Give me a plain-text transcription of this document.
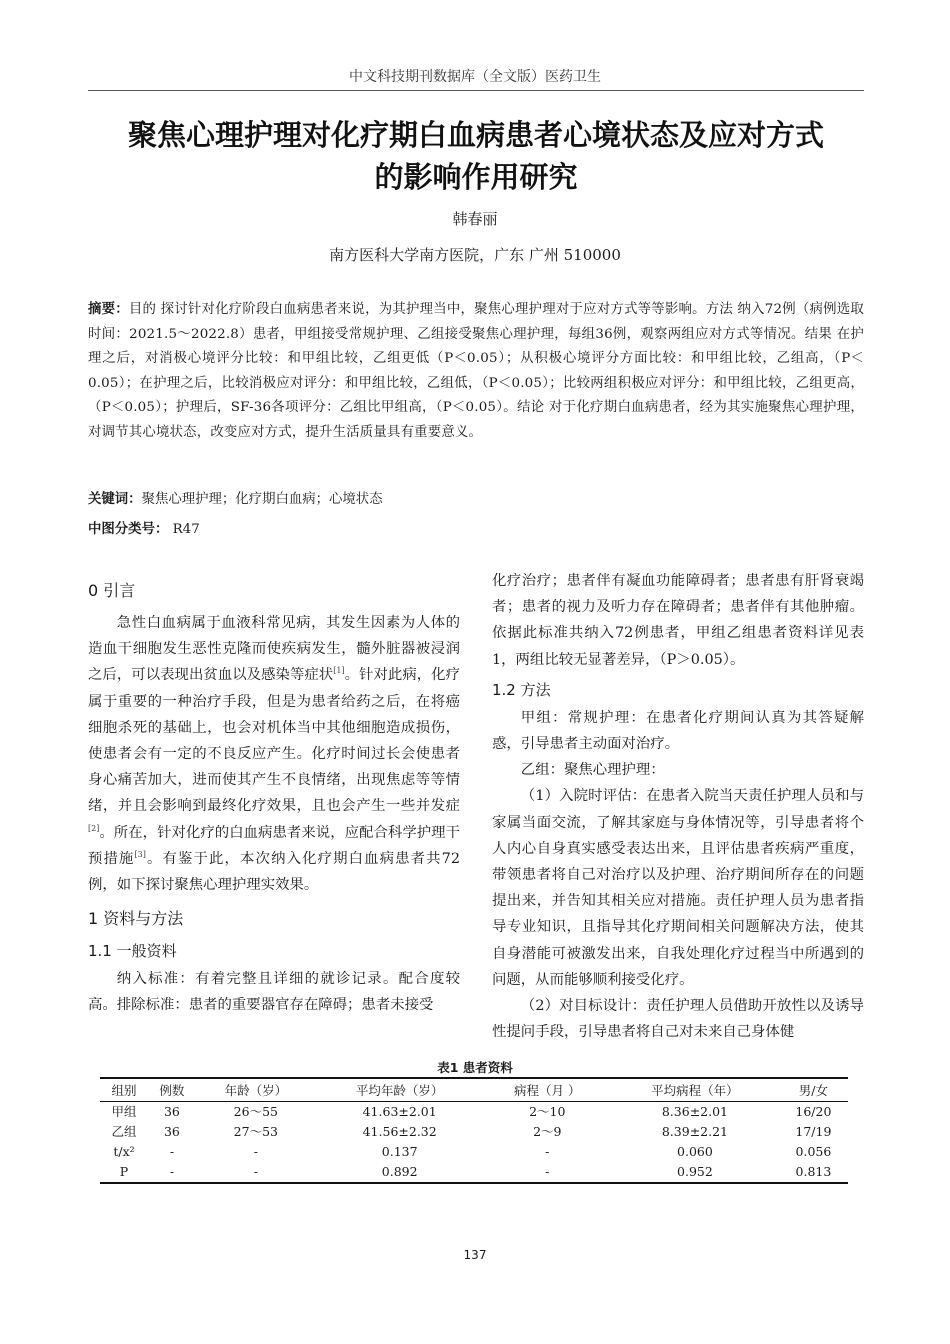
中文科技期刊数据库（全文版）医药卫生
聚焦心理护理对化疗期白血病患者心境状态及应对方式
的影响作用研究
韩春丽
南方医科大学南方医院，广东 广州 510000
摘要：目的 探讨针对化疗阶段白血病患者来说，为其护理当中，聚焦心理护理对于应对方式等等影响。方法 纳入72例（病例选取时间：2021.5～2022.8）患者，甲组接受常规护理、乙组接受聚焦心理护理，每组36例，观察两组应对方式等情况。结果 在护理之后，对消极心境评分比较：和甲组比较，乙组更低（P＜0.05）；从积极心境评分方面比较：和甲组比较，乙组高，（P＜0.05）；在护理之后，比较消极应对评分：和甲组比较，乙组低，（P＜0.05）；比较两组积极应对评分：和甲组比较，乙组更高，（P＜0.05）；护理后，SF-36各项评分：乙组比甲组高，（P＜0.05）。结论 对于化疗期白血病患者，经为其实施聚焦心理护理，对调节其心境状态，改变应对方式，提升生活质量具有重要意义。
关键词：聚焦心理护理；化疗期白血病；心境状态
中图分类号： R47

0 引言

急性白血病属于血液科常见病，其发生因素为人体的造血干细胞发生恶性克隆而使疾病发生，髓外脏器被浸润之后，可以表现出贫血以及感染等症状[1]。针对此病，化疗属于重要的一种治疗手段，但是为患者给药之后，在将癌细胞杀死的基础上，也会对机体当中其他细胞造成损伤，使患者会有一定的不良反应产生。化疗时间过长会使患者身心痛苦加大，进而使其产生不良情绪，出现焦虑等等情绪，并且会影响到最终化疗效果，且也会产生一些并发症[2]。所在，针对化疗的白血病患者来说，应配合科学护理干预措施[3]。有鉴于此，本次纳入化疗期白血病患者共72例，如下探讨聚焦心理护理实效果。

1 资料与方法

1.1 一般资料

纳入标准：有着完整且详细的就诊记录。配合度较高。排除标准：患者的重要器官存在障碍；患者未接受

化疗治疗；患者伴有凝血功能障碍者；患者患有肝肾衰竭者；患者的视力及听力存在障碍者；患者伴有其他肿瘤。依据此标准共纳入72例患者，甲组乙组患者资料详见表1，两组比较无显著差异，（P＞0.05）。

1.2 方法

甲组：常规护理：在患者化疗期间认真为其答疑解惑，引导患者主动面对治疗。

乙组：聚焦心理护理：

（1）入院时评估：在患者入院当天责任护理人员和与家属当面交流，了解其家庭与身体情况等，引导患者将个人内心自身真实感受表达出来，且评估患者疾病严重度，带领患者将自己对治疗以及护理、治疗期间所存在的问题提出来，并告知其相关应对措施。责任护理人员为患者指导专业知识，且指导其化疗期间相关问题解决方法，使其自身潜能可被激发出来，自我处理化疗过程当中所遇到的问题，从而能够顺利接受化疗。

（2）对目标设计：责任护理人员借助开放性以及诱导性提问手段，引导患者将自己对未来自己身体健

表1 患者资料
组别	例数	年龄（岁）	平均年龄（岁）	病程（月 ）	平均病程（年）	男/女
甲组	36	26～55	41.63±2.01	2～10	8.36±2.01	16/20
乙组	36	27～53	41.56±2.32	2～9	8.39±2.21	17/19
t/x²	-	-	0.137	-	0.060	0.056
P	-	-	0.892	-	0.952	0.813
137
